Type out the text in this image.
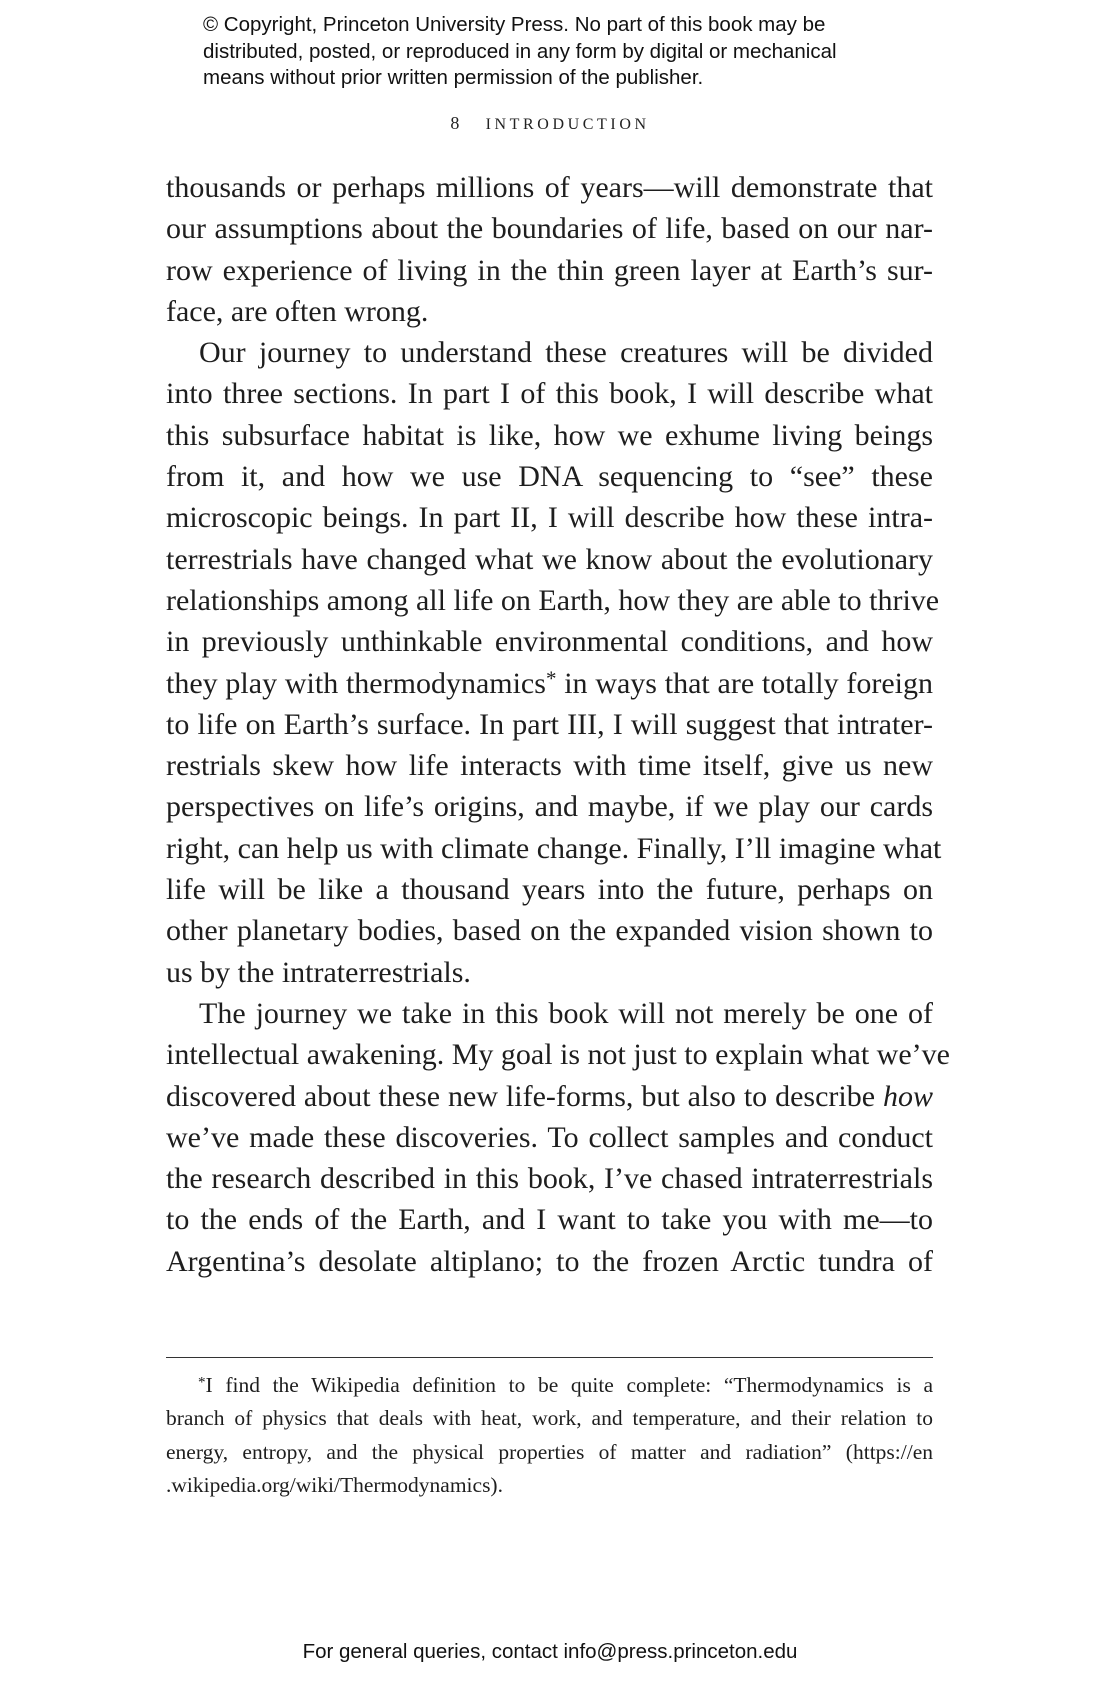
© Copyright, Princeton University Press. No part of this book may be
distributed, posted, or reproduced in any form by digital or mechanical
means without prior written permission of the publisher.
8 INTRODUCTION
thousands or perhaps millions of years—will demonstrate that
our assumptions about the boundaries of life, based on our nar-
row experience of living in the thin green layer at Earth’s sur-
face, are often wrong.
Our journey to understand these creatures will be divided
into three sections. In part I of this book, I will describe what
this subsurface habitat is like, how we exhume living beings
from it, and how we use DNA sequencing to “see” these
microscopic beings. In part II, I will describe how these intra-
terrestrials have changed what we know about the evolutionary
relationships among all life on Earth, how they are able to thrive
in previously unthinkable environmental conditions, and how
they play with thermodynamics* in ways that are totally foreign
to life on Earth’s surface. In part III, I will suggest that intrater-
restrials skew how life interacts with time itself, give us new
perspectives on life’s origins, and maybe, if we play our cards
right, can help us with climate change. Finally, I’ll imagine what
life will be like a thousand years into the future, perhaps on
other planetary bodies, based on the expanded vision shown to
us by the intraterrestrials.
The journey we take in this book will not merely be one of
intellectual awakening. My goal is not just to explain what we’ve
discovered about these new life-forms, but also to describe how
we’ve made these discoveries. To collect samples and conduct
the research described in this book, I’ve chased intraterrestrials
to the ends of the Earth, and I want to take you with me—to
Argentina’s desolate altiplano; to the frozen Arctic tundra of
*I find the Wikipedia definition to be quite complete: “Thermodynamics is a
branch of physics that deals with heat, work, and temperature, and their relation to
energy, entropy, and the physical properties of matter and radiation” (https://en
.wikipedia.org/wiki/Thermodynamics).
For general queries, contact info@press.princeton.edu
